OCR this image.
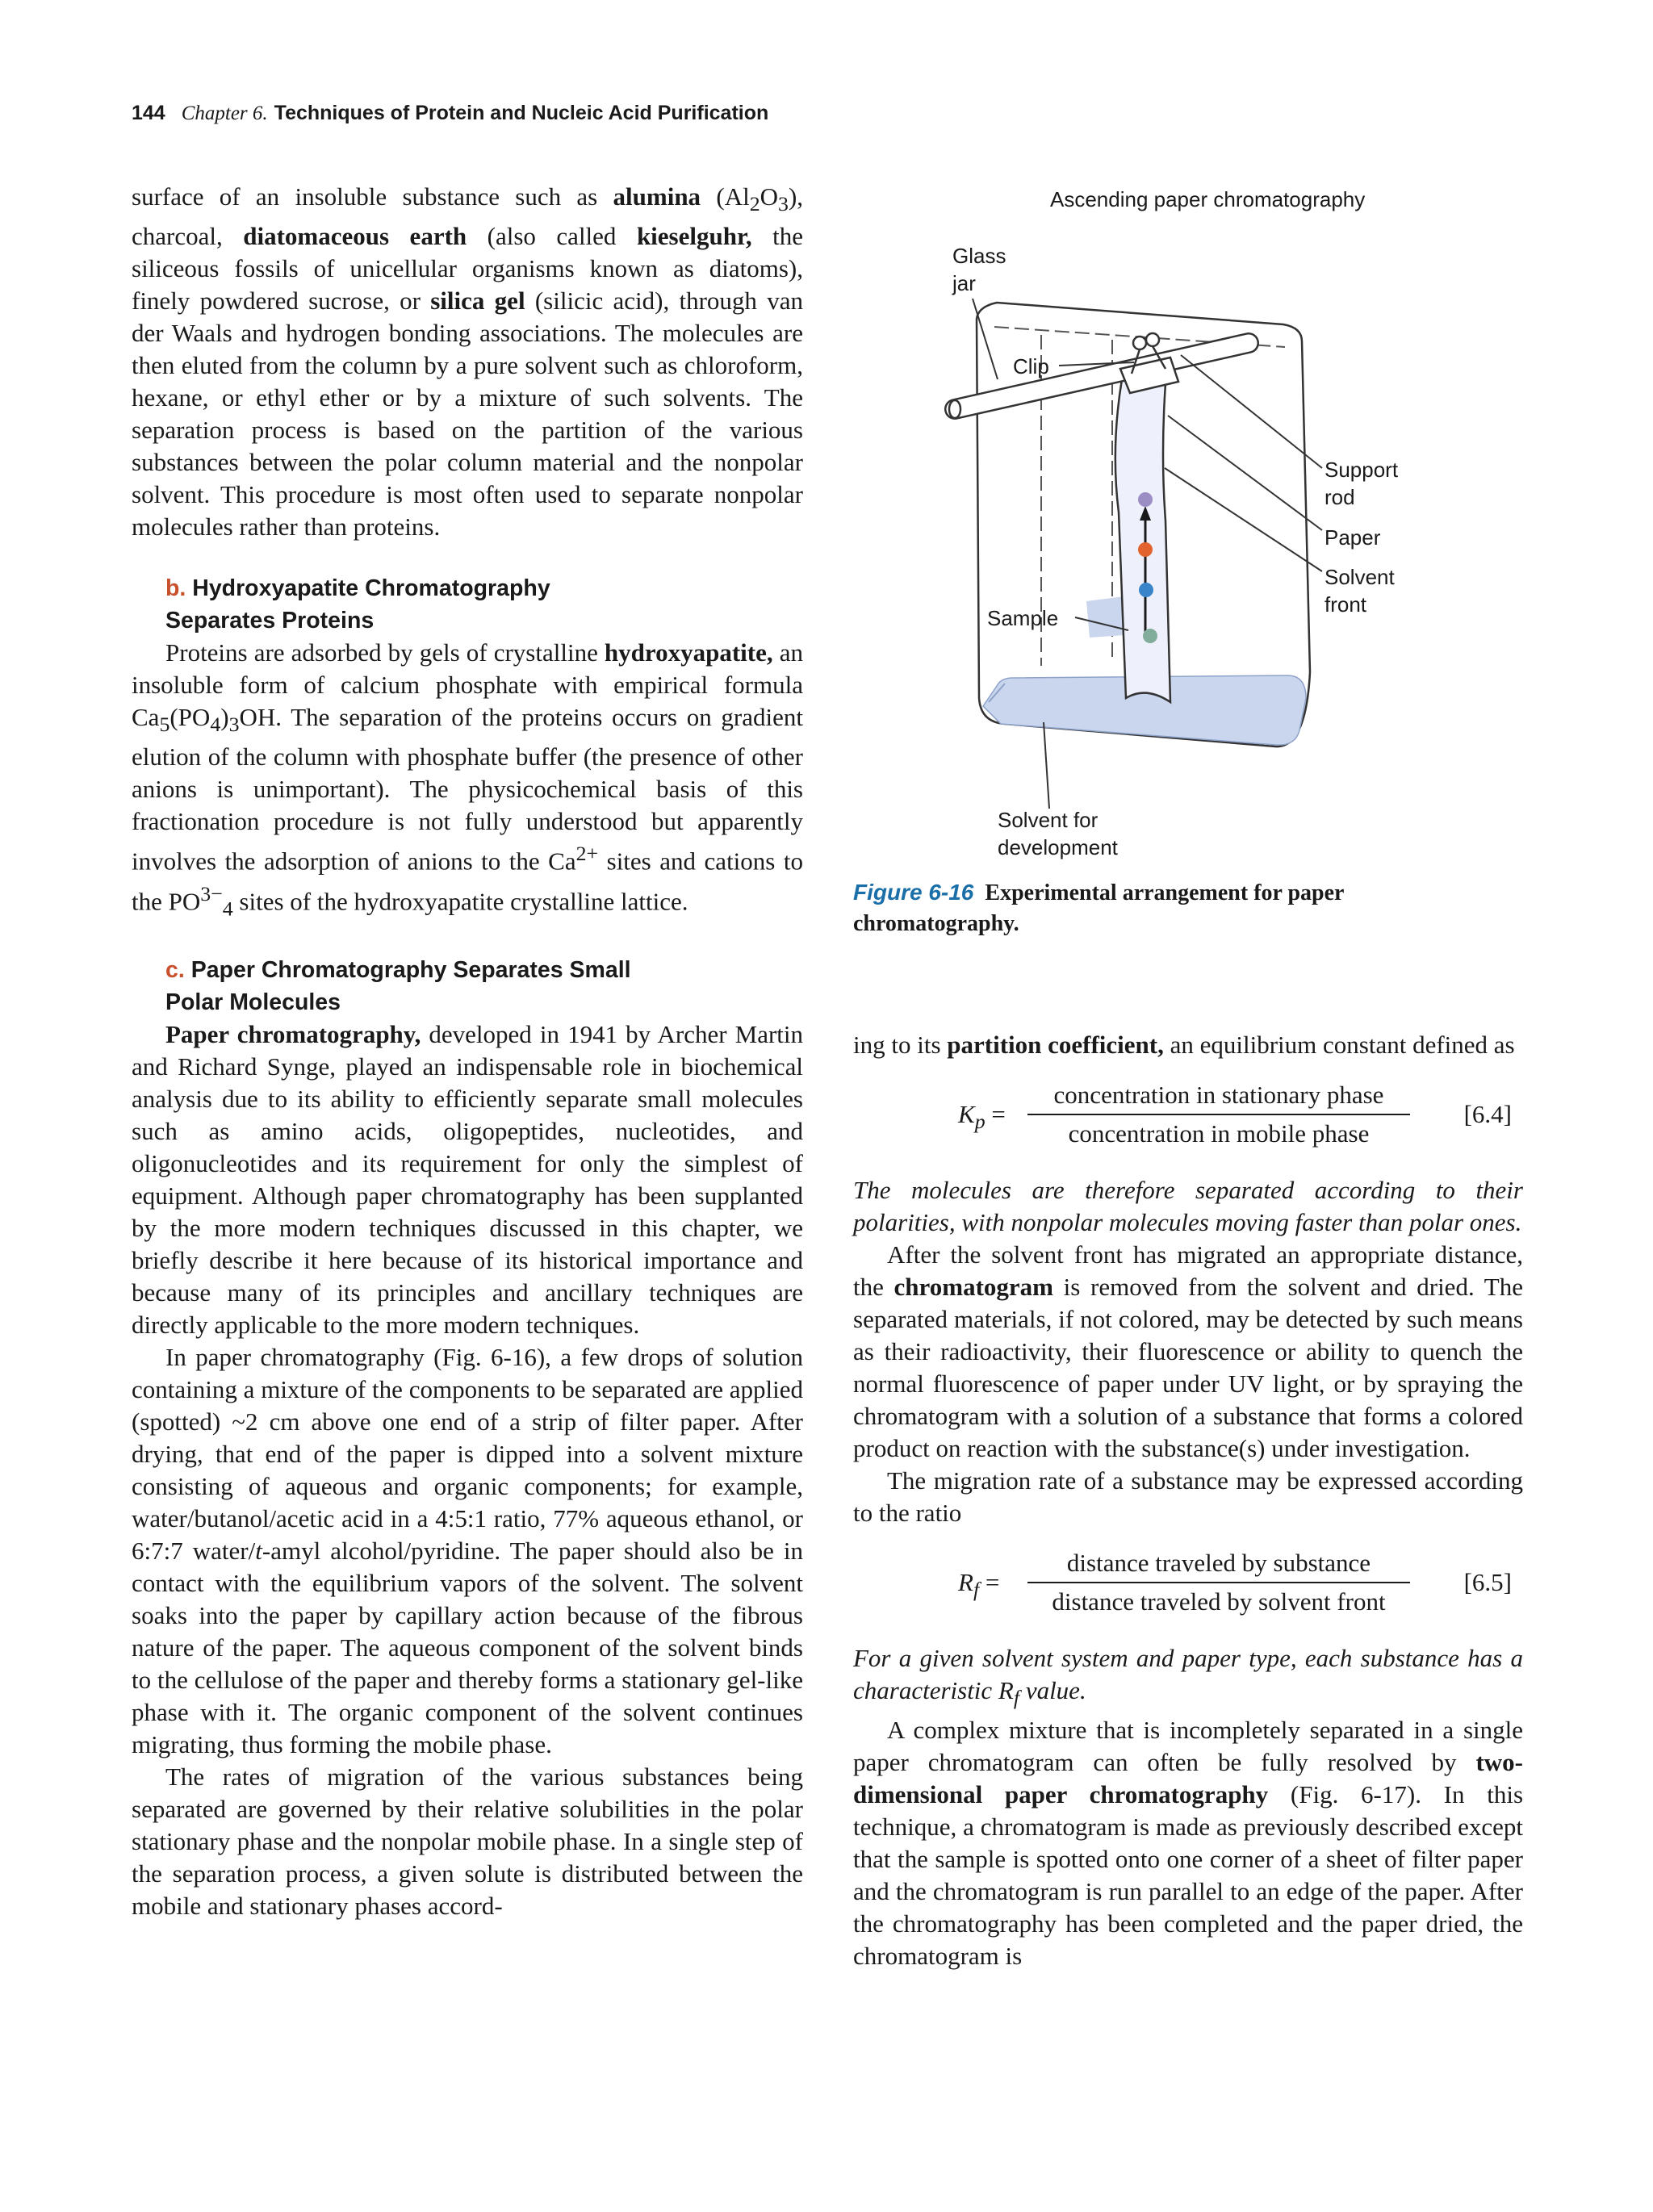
144 Chapter 6. Techniques of Protein and Nucleic Acid Purification

surface of an insoluble substance such as alumina $(Al_2O_3)$, charcoal, diatomaceous earth (also called kieselguhr, the siliceous fossils of unicellular organisms known as diatoms), finely powdered sucrose, or silica gel (silicic acid), through van der Waals and hydrogen bonding associations. The molecules are then eluted from the column by a pure solvent such as chloroform, hexane, or ethyl ether or by a mixture of such solvents. The separation process is based on the partition of the various substances between the polar column material and the nonpolar solvent. This procedure is most often used to separate nonpolar molecules rather than proteins.

b. Hydroxyapatite Chromatography
Separates Proteins

Proteins are adsorbed by gels of crystalline hydroxyapatite, an insoluble form of calcium phosphate with empirical formula $Ca_5(PO_4)_3OH$. The separation of the proteins occurs on gradient elution of the column with phosphate buffer (the presence of other anions is unimportant). The physicochemical basis of this fractionation procedure is not fully understood but apparently involves the adsorption of anions to the $Ca^{2+}$ sites and cations to the $PO^{3-}_4$ sites of the hydroxyapatite crystalline lattice.

c. Paper Chromatography Separates Small
Polar Molecules

Paper chromatography, developed in 1941 by Archer Martin and Richard Synge, played an indispensable role in biochemical analysis due to its ability to efficiently separate small molecules such as amino acids, oligopeptides, nucleotides, and oligonucleotides and its requirement for only the simplest of equipment. Although paper chromatography has been supplanted by the more modern techniques discussed in this chapter, we briefly describe it here because of its historical importance and because many of its principles and ancillary techniques are directly applicable to the more modern techniques.

In paper chromatography (Fig. 6-16), a few drops of solution containing a mixture of the components to be separated are applied (spotted) ~2 cm above one end of a strip of filter paper. After drying, that end of the paper is dipped into a solvent mixture consisting of aqueous and organic components; for example, water/butanol/acetic acid in a 4:5:1 ratio, 77% aqueous ethanol, or 6:7:7 water/t-amyl alcohol/pyridine. The paper should also be in contact with the equilibrium vapors of the solvent. The solvent soaks into the paper by capillary action because of the fibrous nature of the paper. The aqueous component of the solvent binds to the cellulose of the paper and thereby forms a stationary gel-like phase with it. The organic component of the solvent continues migrating, thus forming the mobile phase.

The rates of migration of the various substances being separated are governed by their relative solubilities in the polar stationary phase and the nonpolar mobile phase. In a single step of the separation process, a given solute is distributed between the mobile and stationary phases accord-

Ascending paper chromatography
Glass jar
Clip
Support rod
Paper
Solvent front
Sample
Solvent for development
Figure 6-16 Experimental arrangement for paper chromatography.

ing to its partition coefficient, an equilibrium constant defined as

$K_p$ =
concentration in stationary phase
concentration in mobile phase
[6.4]

The molecules are therefore separated according to their polarities, with nonpolar molecules moving faster than polar ones.

After the solvent front has migrated an appropriate distance, the chromatogram is removed from the solvent and dried. The separated materials, if not colored, may be detected by such means as their radioactivity, their fluorescence or ability to quench the normal fluorescence of paper under UV light, or by spraying the chromatogram with a solution of a substance that forms a colored product on reaction with the substance(s) under investigation.

The migration rate of a substance may be expressed according to the ratio

$R_f$ =
distance traveled by substance
distance traveled by solvent front
[6.5]

For a given solvent system and paper type, each substance has a characteristic $R_f$ value.

A complex mixture that is incompletely separated in a single paper chromatogram can often be fully resolved by two-dimensional paper chromatography (Fig. 6-17). In this technique, a chromatogram is made as previously described except that the sample is spotted onto one corner of a sheet of filter paper and the chromatogram is run parallel to an edge of the paper. After the chromatography has been completed and the paper dried, the chromatogram is
